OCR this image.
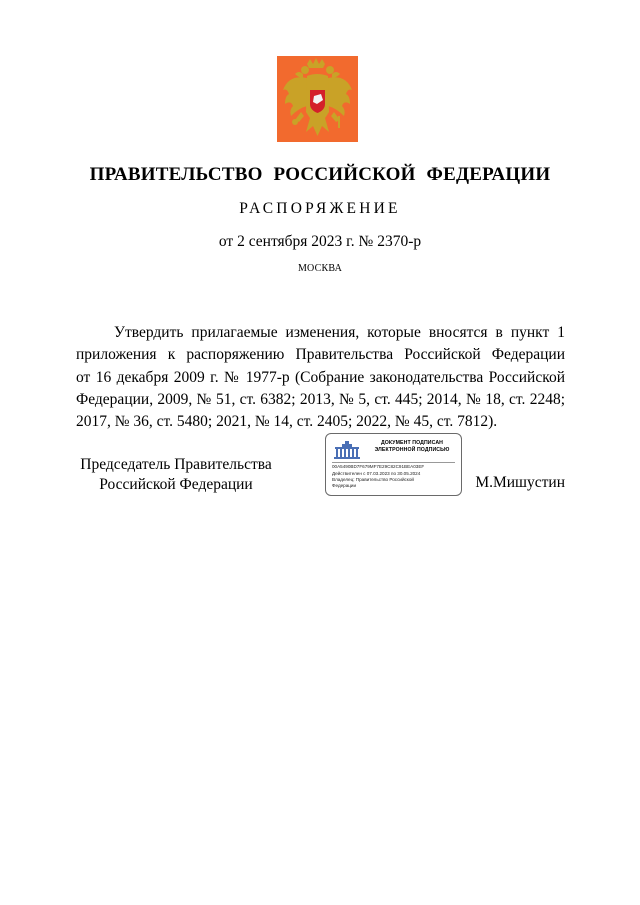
ПРАВИТЕЛЬСТВО РОССИЙСКОЙ ФЕДЕРАЦИИ
РАСПОРЯЖЕНИЕ
от 2 сентября 2023 г. № 2370-р
МОСКВА
Утвердить прилагаемые изменения, которые вносятся в пункт 1
приложения к распоряжению Правительства Российской Федерации
от 16 декабря 2009 г. № 1977-р (Собрание законодательства Российской
Федерации, 2009, № 51, ст. 6382; 2013, № 5, ст. 445; 2014, № 18, ст. 2248;
2017, № 36, ст. 5480; 2021, № 14, ст. 2405; 2022, № 45, ст. 7812).
Председатель Правительства
Российской Федерации
ДОКУМЕНТ ПОДПИСАН
ЭЛЕКТРОННОЙ ПОДПИСЬЮ
00A5490BD7F679MF7E29C82C91BEA03EF
Действителен с 07.03.2023 по 30.05.2024
Владелец: Правительство Российской
Федерации	М.Мишустин
